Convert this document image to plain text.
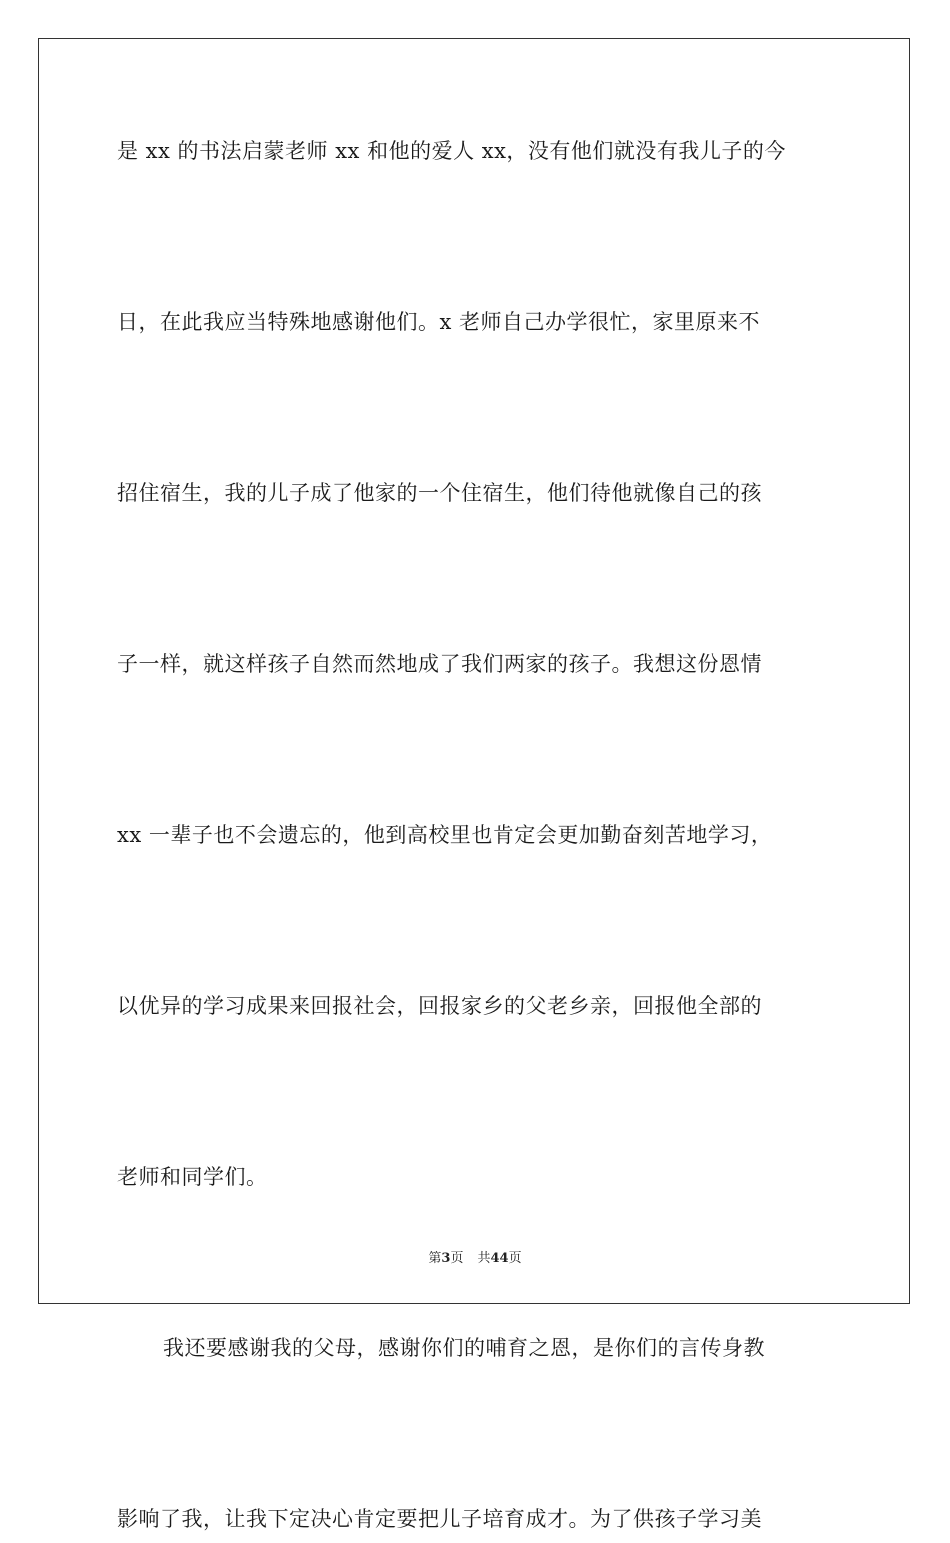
是 xx 的书法启蒙老师 xx 和他的爱人 xx，没有他们就没有我儿子的今
日，在此我应当特殊地感谢他们。x 老师自己办学很忙，家里原来不
招住宿生，我的儿子成了他家的一个住宿生，他们待他就像自己的孩
子一样，就这样孩子自然而然地成了我们两家的孩子。我想这份恩情
xx 一辈子也不会遗忘的，他到高校里也肯定会更加勤奋刻苦地学习，
以优异的学习成果来回报社会，回报家乡的父老乡亲，回报他全部的
老师和同学们。
我还要感谢我的父母，感谢你们的哺育之恩，是你们的言传身教
影响了我，让我下定决心肯定要把儿子培育成才。为了供孩子学习美
第3页 共44页
